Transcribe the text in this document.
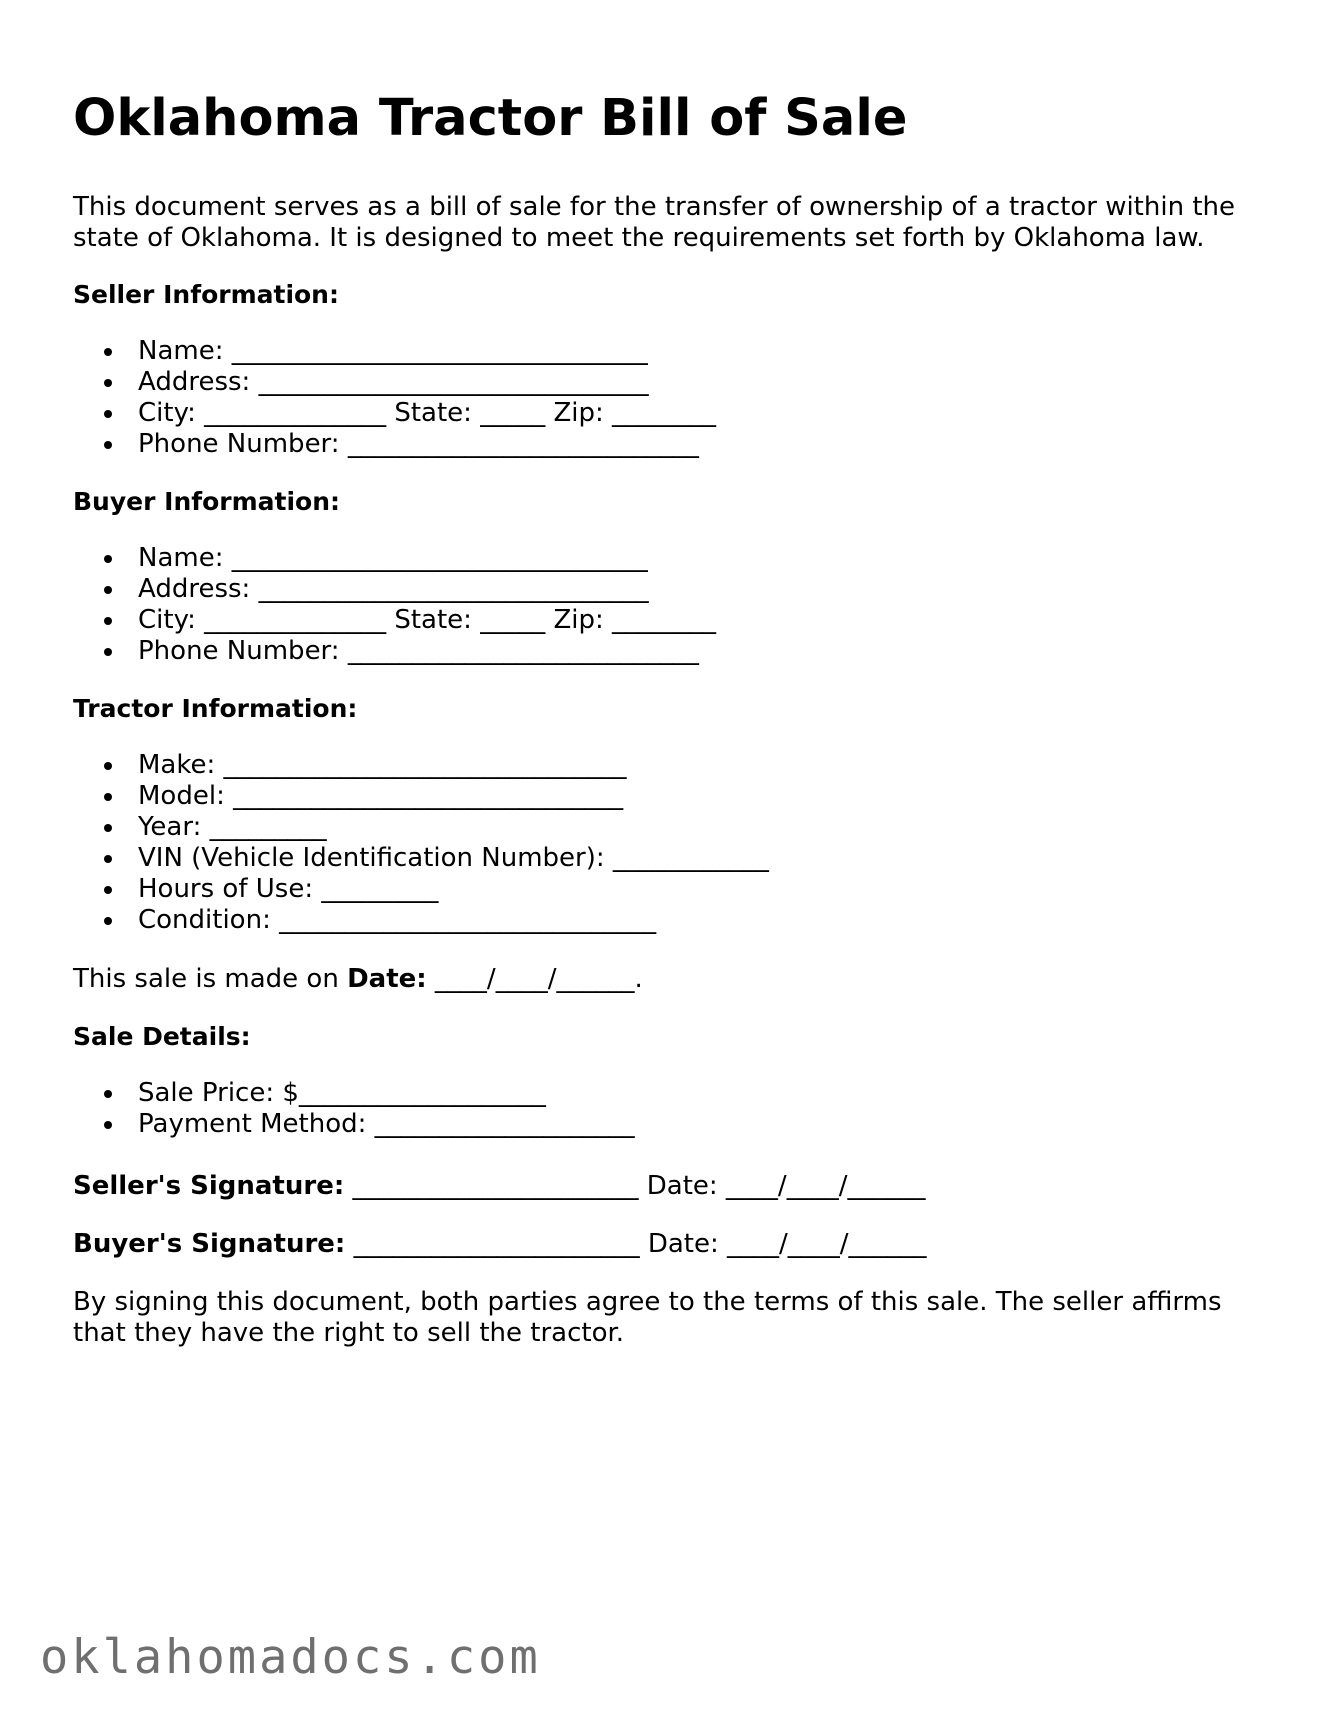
Oklahoma Tractor Bill of Sale

This document serves as a bill of sale for the transfer of ownership of a tractor within the state of Oklahoma. It is designed to meet the requirements set forth by Oklahoma law.

Seller Information:

Name: ________________________________
Address: ______________________________
City: ______________ State: _____ Zip: ________
Phone Number: ___________________________

Buyer Information:

Name: ________________________________
Address: ______________________________
City: ______________ State: _____ Zip: ________
Phone Number: ___________________________

Tractor Information:

Make: _______________________________
Model: ______________________________
Year: _________
VIN (Vehicle Identification Number): ____________
Hours of Use: _________
Condition: _____________________________

This sale is made on Date: ____/____/______.

Sale Details:

Sale Price: $___________________
Payment Method: ____________________

Seller's Signature: ______________________ Date: ____/____/______

Buyer's Signature: ______________________ Date: ____/____/______

By signing this document, both parties agree to the terms of this sale. The seller affirms that they have the right to sell the tractor.

oklahomadocs.com
